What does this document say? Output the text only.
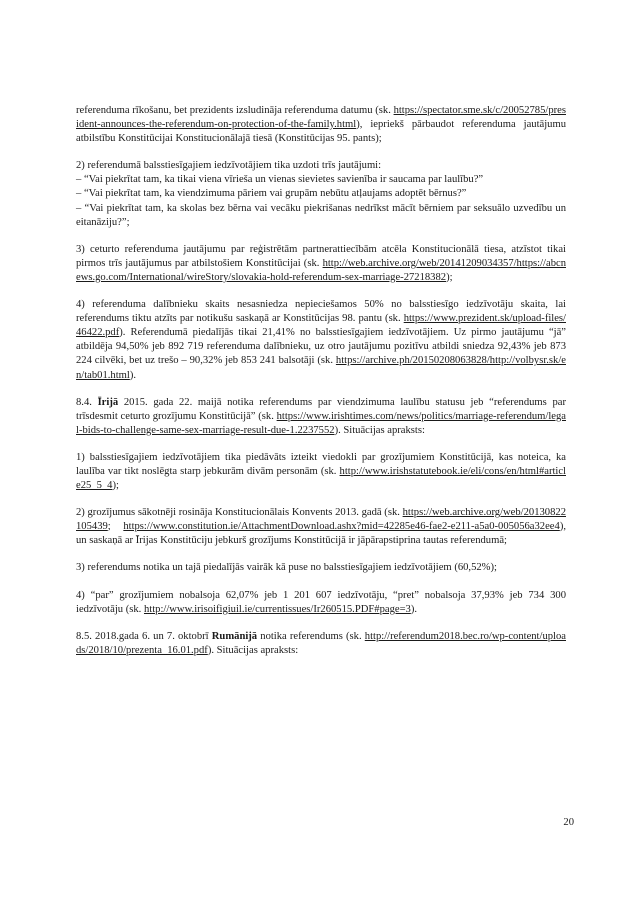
referenduma rīkošanu, bet prezidents izsludināja referenduma datumu (sk. https://spectator.sme.sk/c/20052785/president-announces-the-referendum-on-protection-of-the-family.html), iepriekš pārbaudot referenduma jautājumu atbilstību Konstitūcijai Konstitucionālajā tiesā (Konstitūcijas 95. pants);

2) referendumā balsstiesīgajiem iedzīvotājiem tika uzdoti trīs jautājumi:

– “Vai piekrītat tam, ka tikai viena vīrieša un vienas sievietes savienība ir saucama par laulību?”

– “Vai piekrītat tam, ka viendzimuma pāriem vai grupām nebūtu atļaujams adoptēt bērnus?”

– “Vai piekrītat tam, ka skolas bez bērna vai vecāku piekrišanas nedrīkst mācīt bērniem par seksuālo uzvedību un eitanāziju?”;

3) ceturto referenduma jautājumu par reģistrētām partnerattiecībām atcēla Konstitucionālā tiesa, atzīstot tikai pirmos trīs jautājumus par atbilstošiem Konstitūcijai (sk. http://web.archive.org/web/20141209034357/https://abcnews.go.com/International/wireStory/slovakia-hold-referendum-sex-marriage-27218382);

4) referenduma dalībnieku skaits nesasniedza nepieciešamos 50% no balsstiesīgo iedzīvotāju skaita, lai referendums tiktu atzīts par notikušu saskaņā ar Konstitūcijas 98. pantu (sk. https://www.prezident.sk/upload-files/46422.pdf). Referendumā piedalījās tikai 21,41% no balsstiesīgajiem iedzīvotājiem. Uz pirmo jautājumu “jā” atbildēja 94,50% jeb 892 719 referenduma dalībnieku, uz otro jautājumu pozitīvu atbildi sniedza 92,43% jeb 873 224 cilvēki, bet uz trešo – 90,32% jeb 853 241 balsotāji (sk. https://archive.ph/20150208063828/http://volbysr.sk/en/tab01.html).

8.4. Īrijā 2015. gada 22. maijā notika referendums par viendzimuma laulību statusu jeb “referendums par trīsdesmit ceturto grozījumu Konstitūcijā” (sk. https://www.irishtimes.com/news/politics/marriage-referendum/legal-bids-to-challenge-same-sex-marriage-result-due-1.2237552). Situācijas apraksts:

1) balsstiesīgajiem iedzīvotājiem tika piedāvāts izteikt viedokli par grozījumiem Konstitūcijā, kas noteica, ka laulība var tikt noslēgta starp jebkurām divām personām (sk. http://www.irishstatutebook.ie/eli/cons/en/html#article25_5_4);

2) grozījumus sākotnēji rosināja Konstitucionālais Konvents 2013. gadā (sk. https://web.archive.org/web/20130822105439; https://www.constitution.ie/AttachmentDownload.ashx?mid=42285e46-fae2-e211-a5a0-005056a32ee4), un saskaņā ar Īrijas Konstitūciju jebkurš grozījums Konstitūcijā ir jāpārapstiprina tautas referendumā;

3) referendums notika un tajā piedalījās vairāk kā puse no balsstiesīgajiem iedzīvotājiem (60,52%);

4) “par” grozījumiem nobalsoja 62,07% jeb 1 201 607 iedzīvotāju, “pret” nobalsoja 37,93% jeb 734 300 iedzīvotāju (sk. http://www.irisoifigiuil.ie/currentissues/Ir260515.PDF#page=3).

8.5. 2018.gada 6. un 7. oktobrī Rumānijā notika referendums (sk. http://referendum2018.bec.ro/wp-content/uploads/2018/10/prezenta_16.01.pdf). Situācijas apraksts:

20
